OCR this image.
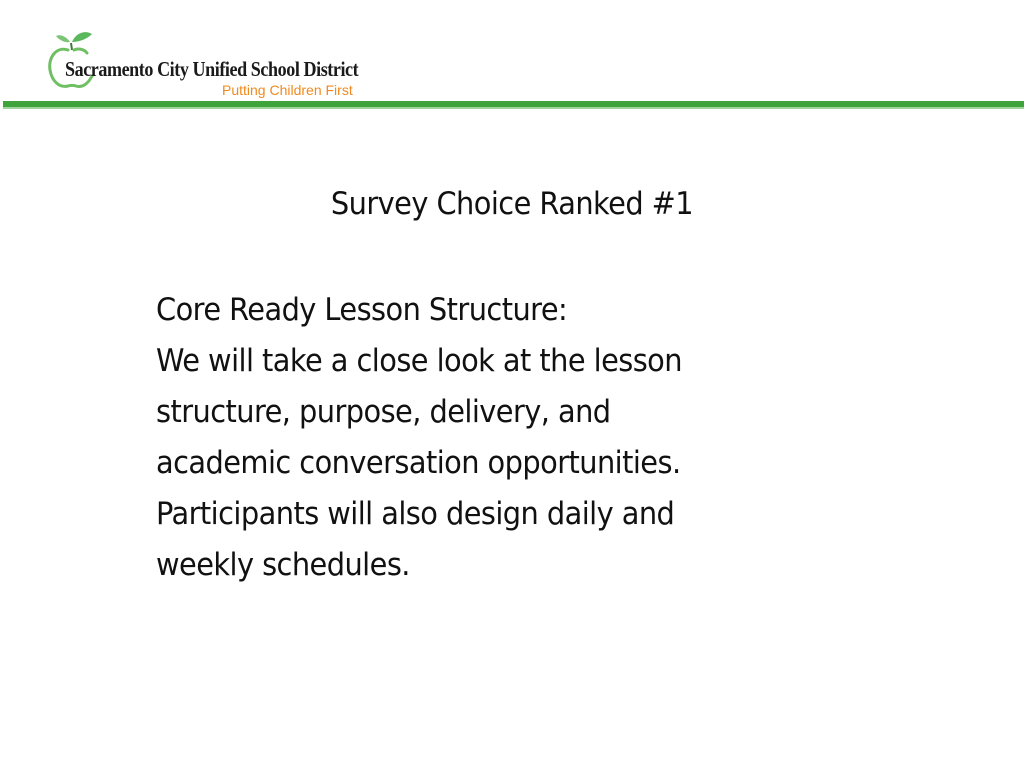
Sacramento City Unified School District
Putting Children First
Survey Choice Ranked #1
Core Ready Lesson Structure:
We will take a close look at the lesson
structure, purpose, delivery, and
academic conversation opportunities.
Participants will also design daily and
weekly schedules.
